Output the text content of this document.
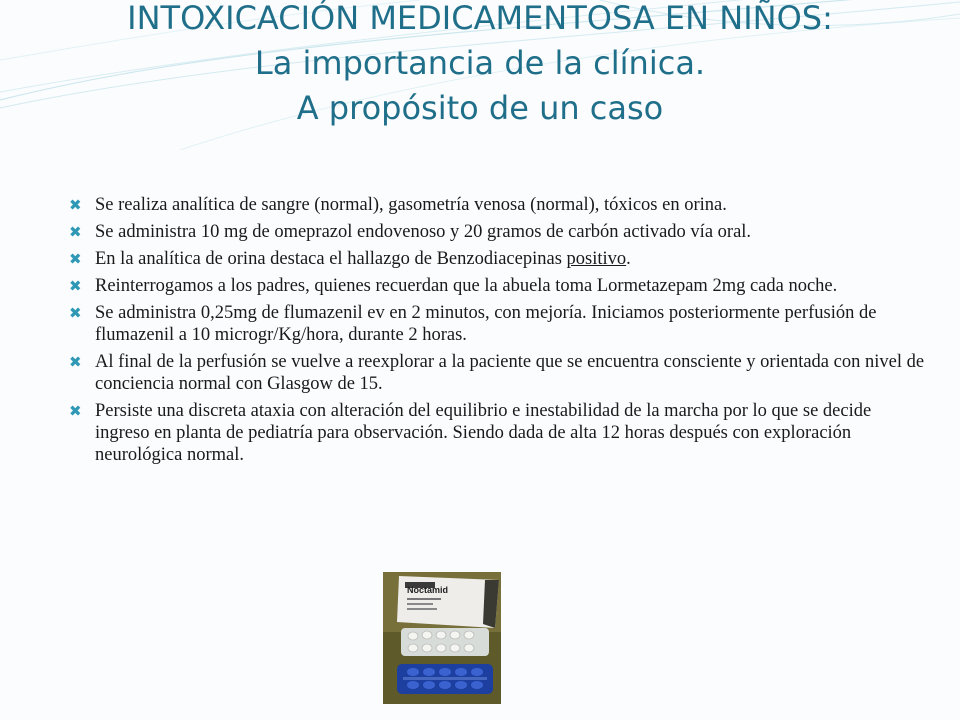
INTOXICACIÓN MEDICAMENTOSA EN NIÑOS:
La importancia de la clínica.
A propósito de un caso
✖ Se realiza analítica de sangre (normal), gasometría venosa (normal), tóxicos en orina.
✖ Se administra 10 mg de omeprazol endovenoso y 20 gramos de carbón activado vía oral.
✖ En la analítica de orina destaca el hallazgo de Benzodiacepinas positivo.
✖ Reinterrogamos a los padres, quienes recuerdan que la abuela toma Lormetazepam 2mg cada noche.
✖ Se administra 0,25mg de flumazenil ev en 2 minutos, con mejoría. Iniciamos posteriormente perfusión de flumazenil a 10 microgr/Kg/hora, durante 2 horas.
✖ Al final de la perfusión se vuelve a reexplorar a la paciente que se encuentra consciente y orientada con nivel de conciencia normal con Glasgow de 15.
✖ Persiste una discreta ataxia con alteración del equilibrio e inestabilidad de la marcha por lo que se decide ingreso en planta de pediatría para observación. Siendo dada de alta 12 horas después con exploración neurológica normal.
Noctamid
